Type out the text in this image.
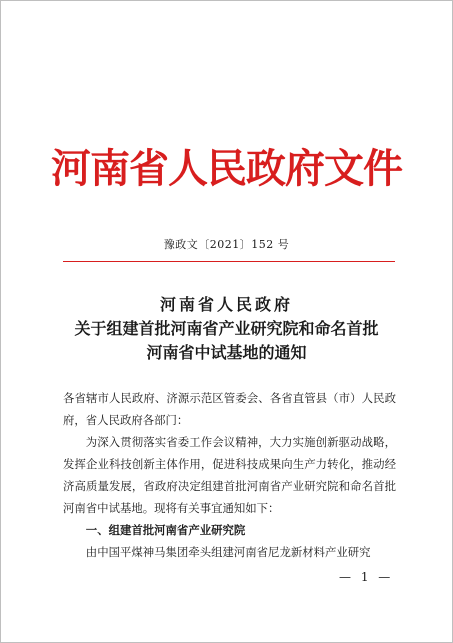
河南省人民政府文件
豫政文〔2021〕152 号
河南省人民政府
关于组建首批河南省产业研究院和命名首批
河南省中试基地的通知

各省辖市人民政府、济源示范区管委会、各省直管县（市）人民政府，省人民政府各部门：

为深入贯彻落实省委工作会议精神，大力实施创新驱动战略，发挥企业科技创新主体作用，促进科技成果向生产力转化，推动经济高质量发展，省政府决定组建首批河南省产业研究院和命名首批河南省中试基地。现将有关事宜通知如下：

一、组建首批河南省产业研究院

由中国平煤神马集团牵头组建河南省尼龙新材料产业研究

— 1 —
